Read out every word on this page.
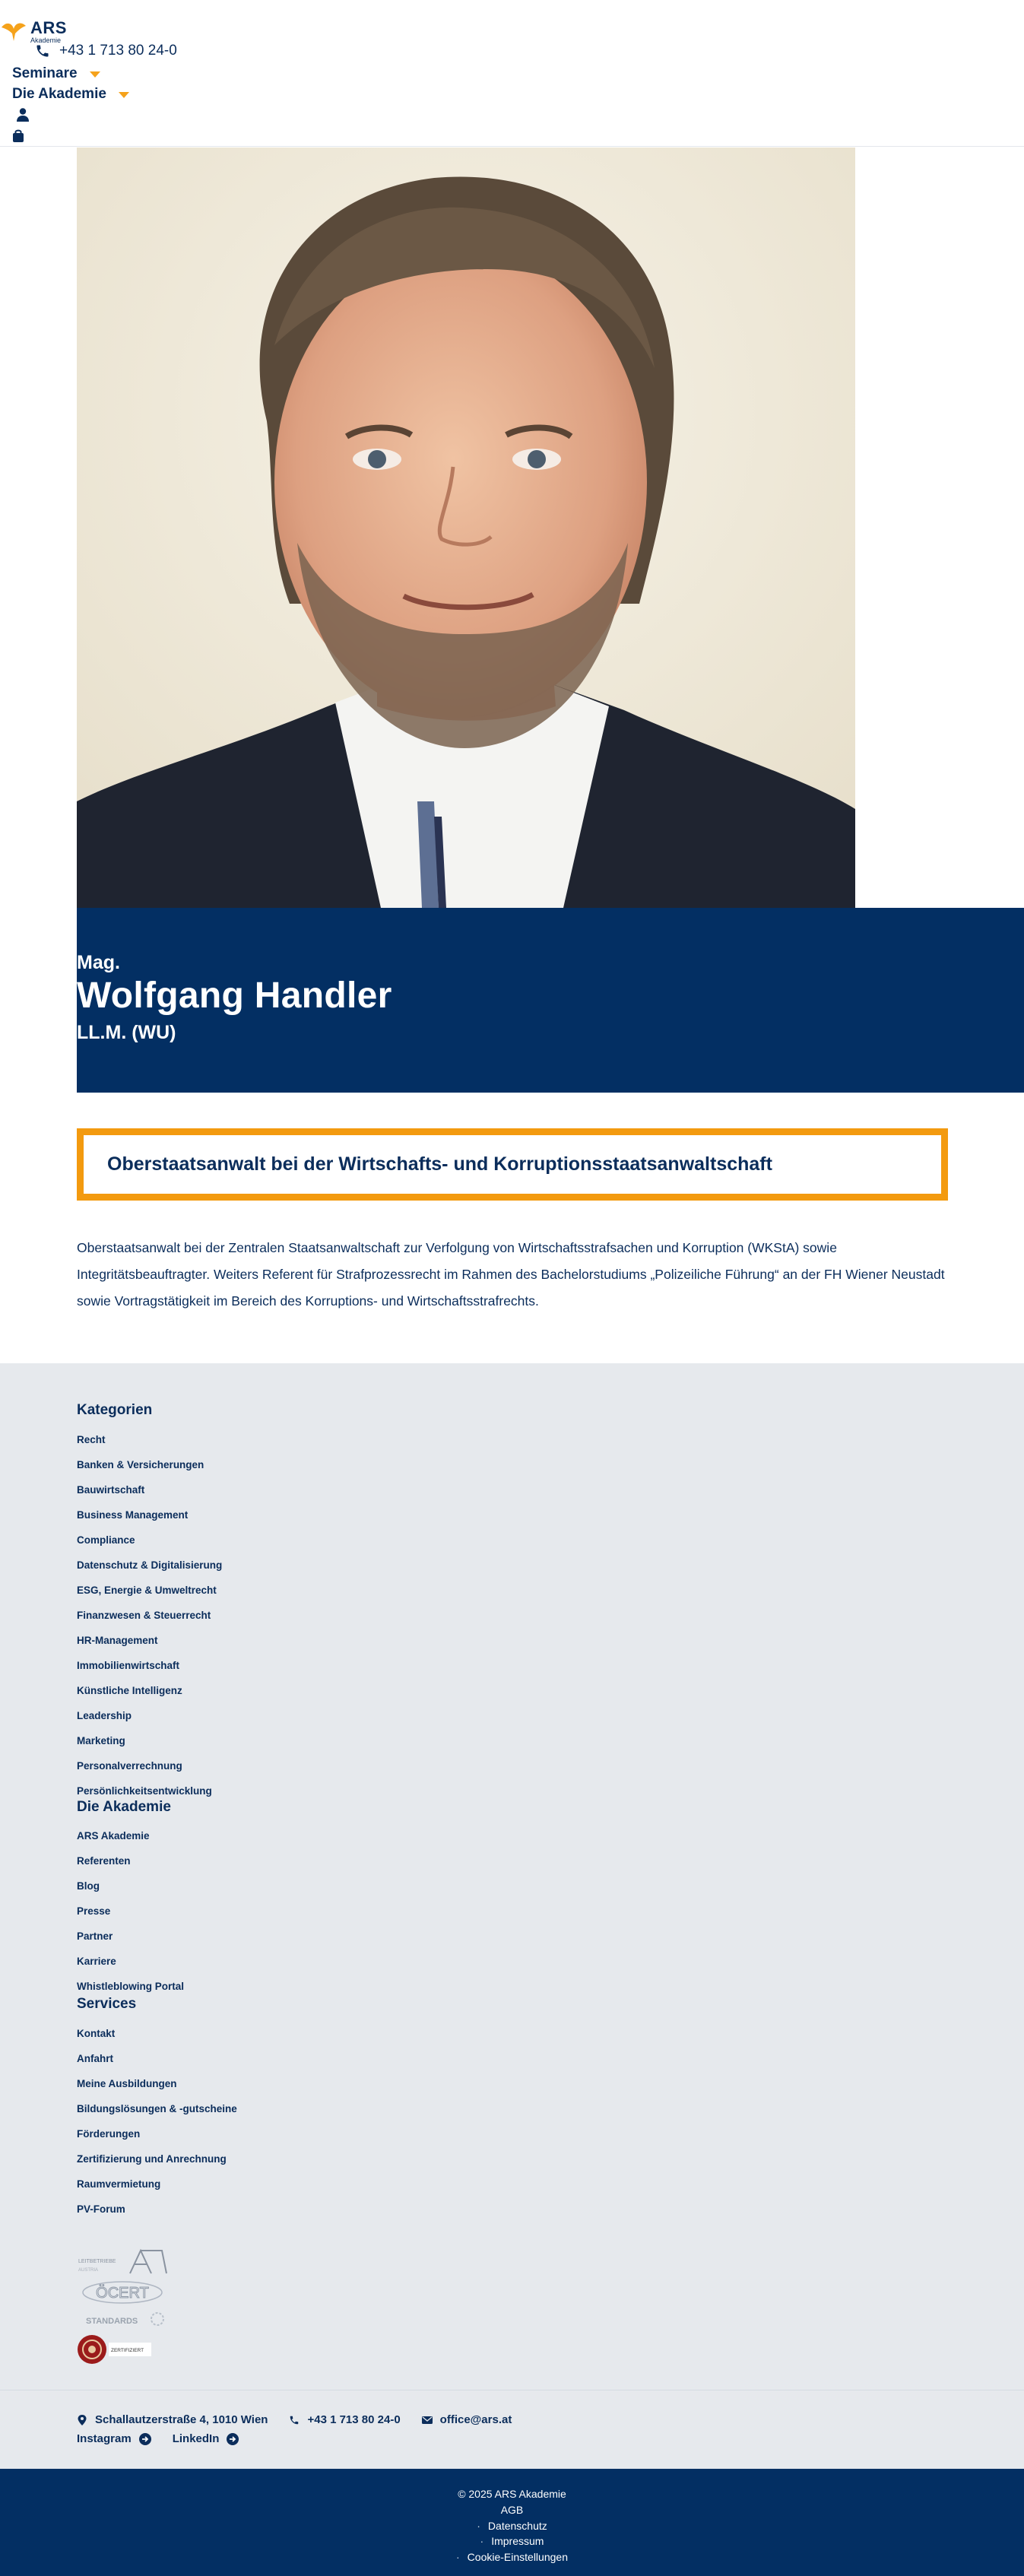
ARS
Akademie
+43 1 713 80 24-0
Seminare
Die Akademie
Mag.
Wolfgang Handler
LL.M. (WU)
Oberstaatsanwalt bei der Wirtschafts- und Korruptionsstaatsanwaltschaft

Oberstaatsanwalt bei der Zentralen Staatsanwaltschaft zur Verfolgung von Wirtschaftsstrafsachen und Korruption (WKStA) sowie Integritätsbeauftragter. Weiters Referent für Strafprozessrecht im Rahmen des Bachelorstudiums „Polizeiliche Führung“ an der FH Wiener Neustadt sowie Vortragstätigkeit im Bereich des Korruptions- und Wirtschaftsstrafrechts.

Kategorien
Recht
Banken & Versicherungen
Bauwirtschaft
Business Management
Compliance
Datenschutz & Digitalisierung
ESG, Energie & Umweltrecht
Finanzwesen & Steuerrecht
HR-Management
Immobilienwirtschaft
Künstliche Intelligenz
Leadership
Marketing
Personalverrechnung
Persönlichkeitsentwicklung
Die Akademie
ARS Akademie
Referenten
Blog
Presse
Partner
Karriere
Whistleblowing Portal
Services
Kontakt
Anfahrt
Meine Ausbildungen
Bildungslösungen & -gutscheine
Förderungen
Zertifizierung und Anrechnung
Raumvermietung
PV-Forum
LEITBETRIEBE
AUSTRIA
ÖCERT
STANDARDS
ZERTIFIZIERT
Schallautzerstraße 4, 1010 Wien	+43 1 713 80 24-0	office@ars.at
Instagram	LinkedIn
© 2025 ARS Akademie
AGB
· Datenschutz
· Impressum
· Cookie-Einstellungen
